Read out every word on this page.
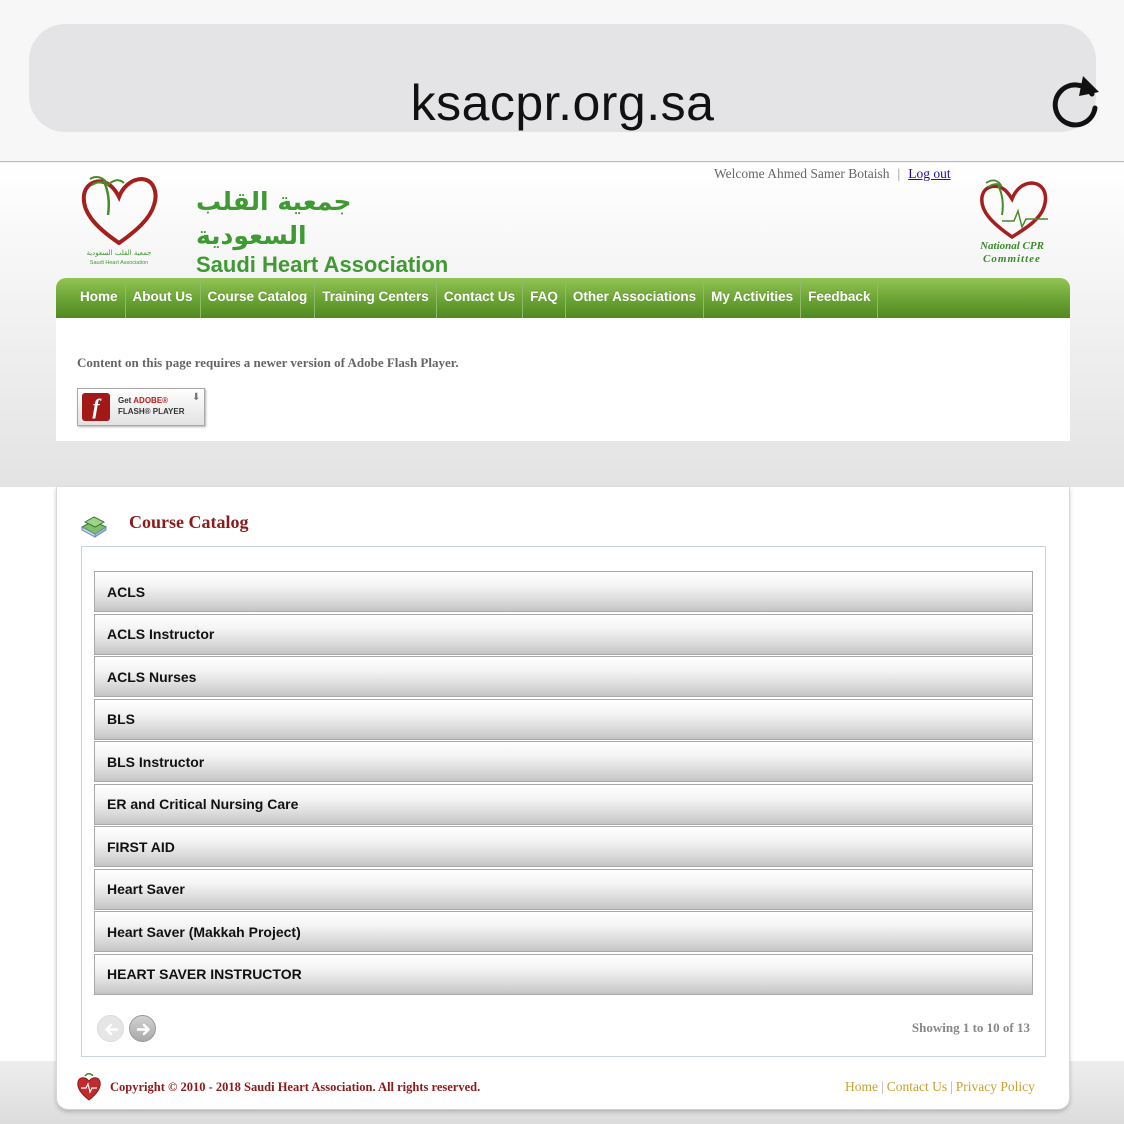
ksacpr.org.sa
جمعية القلب السعودية
Saudi Heart Association
جمعية القلب السعودية
Saudi Heart Association
Welcome Ahmed Samer Botaish | Log out
National CPR
Committee
Home	About Us	Course Catalog	Training Centers	Contact Us	FAQ	Other Associations	My Activities	Feedback
Content on this page requires a newer version of Adobe Flash Player.
f	Get ADOBE®
FLASH® PLAYER
⬇
Course Catalog
ACLS
ACLS Instructor
ACLS Nurses
BLS
BLS Instructor
ER and Critical Nursing Care
FIRST AID
Heart Saver
Heart Saver (Makkah Project)
HEART SAVER INSTRUCTOR
Showing 1 to 10 of 13
Copyright © 2010 - 2018 Saudi Heart Association. All rights reserved.	Home | Contact Us | Privacy Policy
